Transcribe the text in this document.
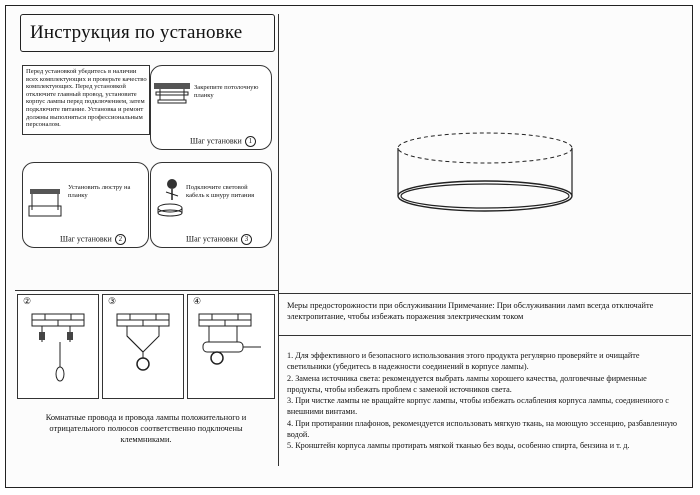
Инструкция по установке
Перед установкой убедитесь в наличии всех комплектующих и проверьте качество комплектующих. Перед установкой отключите главный провод, установите корпус лампы перед подключением, затем подключите питание. Установка и ремонт должны выполняться профессиональным персоналом.
Закрепите потолочную планку
Шаг установки 1
Установить люстру на планку
Шаг установки 2
Подключите световой кабель к шнуру питания
Шаг установки 3
②	③	④
Комнатные провода и провода лампы положительного и отрицательного полюсов соответственно подключены клеммниками.
Меры предосторожности при обслуживании Примечание: При обслуживании ламп всегда отключайте электропитание, чтобы избежать поражения электрическим током

1. Для эффективного и безопасного использования этого продукта регулярно проверяйте и очищайте светильники (убедитесь в надежности соединений в корпусе лампы).

2. Замена источника света: рекомендуется выбрать лампы хорошего качества, долговечные фирменные продукты, чтобы избежать проблем с заменой источников света.

3. При чистке лампы не вращайте корпус лампы, чтобы избежать ослабления корпуса лампы, соединенного с внешними винтами.

4. При протирании плафонов, рекомендуется использовать мягкую ткань, на моющую эссенцию, разбавленную водой.

5. Кронштейн корпуса лампы протирать мягкой тканью без воды, особенно спирта, бензина и т. д.
